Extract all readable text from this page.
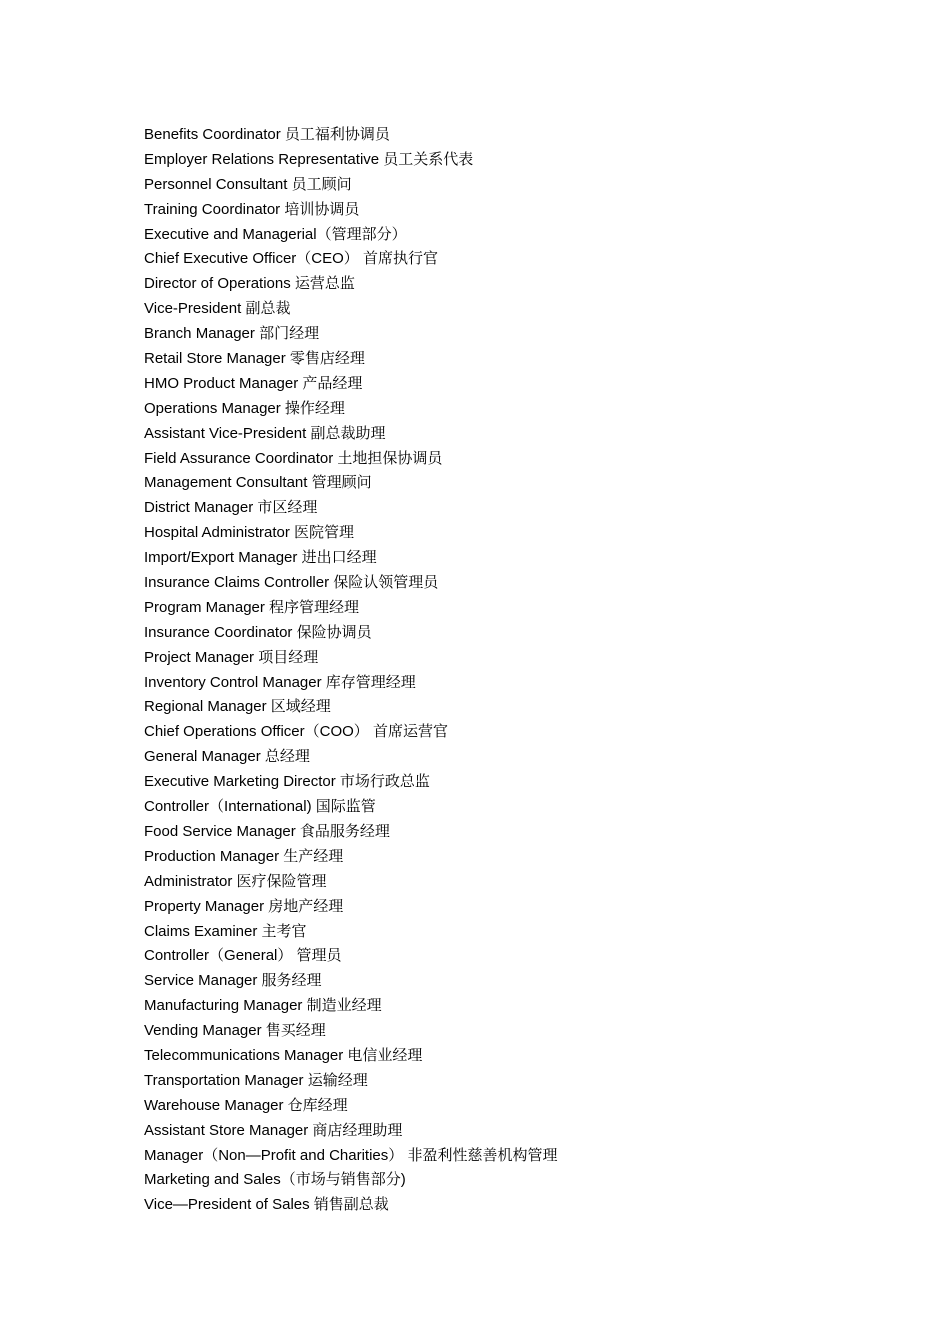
Benefits Coordinator 员工福利协调员
Employer Relations Representative 员工关系代表
Personnel Consultant 员工顾问
Training Coordinator 培训协调员
Executive and Managerial（管理部分）
Chief Executive Officer（CEO） 首席执行官
Director of Operations 运营总监
Vice-President 副总裁
Branch Manager 部门经理
Retail Store Manager 零售店经理
HMO Product Manager 产品经理
Operations Manager 操作经理
Assistant Vice-President 副总裁助理
Field Assurance Coordinator 土地担保协调员
Management Consultant 管理顾问
District Manager 市区经理
Hospital Administrator 医院管理
Import/Export Manager 进出口经理
Insurance Claims Controller 保险认领管理员
Program Manager 程序管理经理
Insurance Coordinator 保险协调员
Project Manager 项目经理
Inventory Control Manager 库存管理经理
Regional Manager 区域经理
Chief Operations Officer（COO） 首席运营官
General Manager 总经理
Executive Marketing Director 市场行政总监
Controller（International) 国际监管
Food Service Manager 食品服务经理
Production Manager 生产经理
Administrator 医疗保险管理
Property Manager 房地产经理
Claims Examiner 主考官
Controller（General） 管理员
Service Manager 服务经理
Manufacturing Manager 制造业经理
Vending Manager 售买经理
Telecommunications Manager 电信业经理
Transportation Manager 运输经理
Warehouse Manager 仓库经理
Assistant Store Manager 商店经理助理
Manager（Non—Profit and Charities） 非盈利性慈善机构管理
Marketing and Sales（市场与销售部分)
Vice—President of Sales 销售副总裁
